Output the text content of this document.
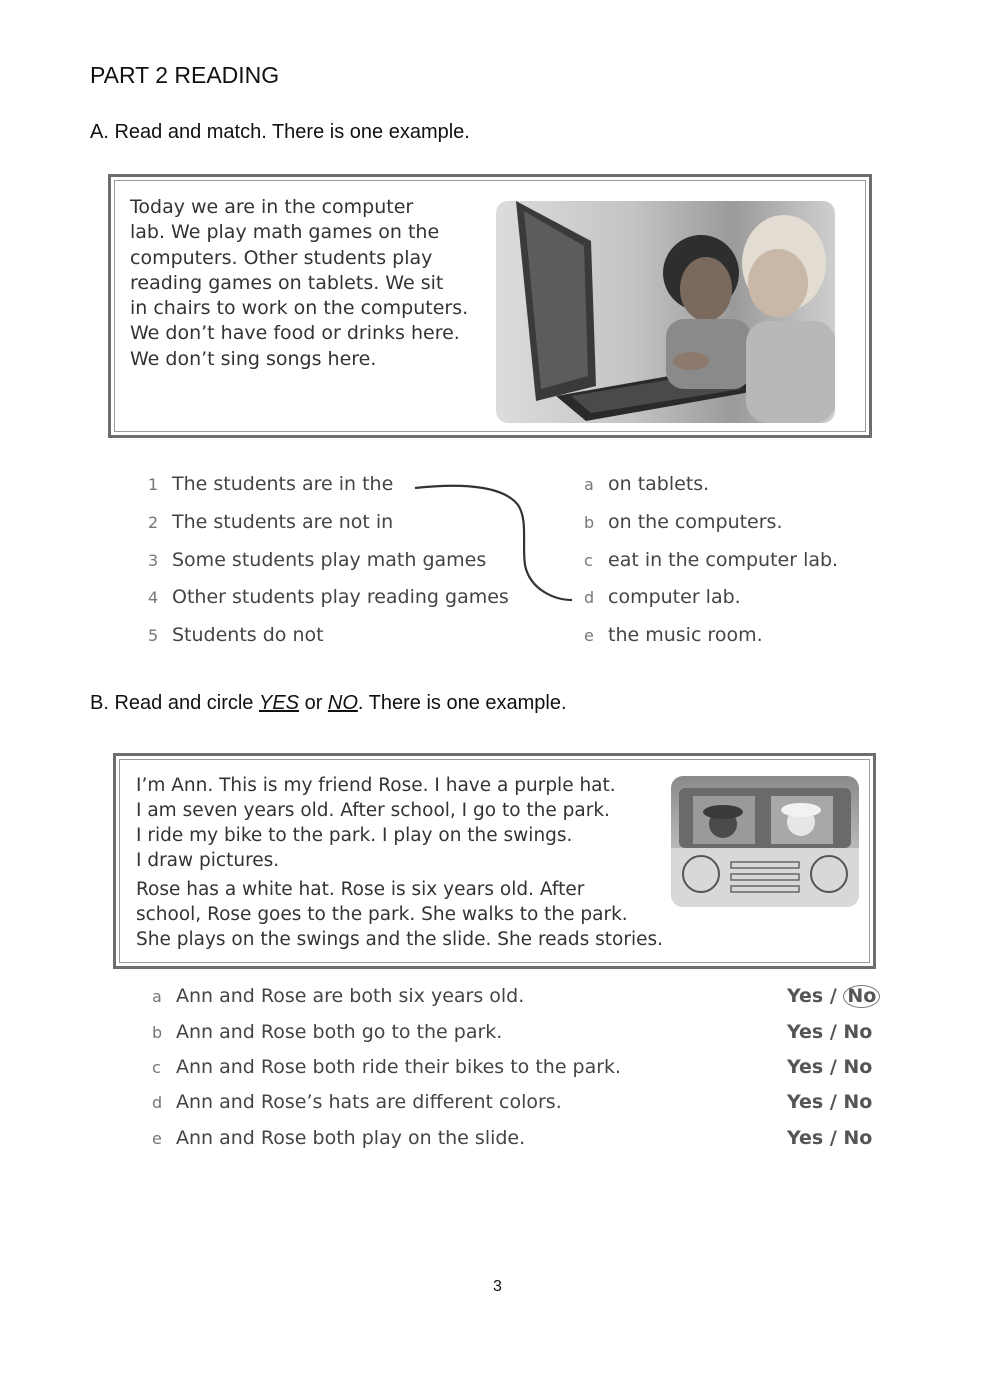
PART 2 READING
A. Read and match. There is one example.
Today we are in the computer
lab. We play math games on the
computers. Other students play
reading games on tablets. We sit
in chairs to work on the computers.
We don’t have food or drinks here.
We don’t sing songs here.
1 The students are in the
2 The students are not in
3 Some students play math games
4 Other students play reading games
5 Students do not
a on tablets.
b on the computers.
c eat in the computer lab.
d computer lab.
e the music room.
B. Read and circle YES or NO. There is one example.
I’m Ann. This is my friend Rose. I have a purple hat.
I am seven years old. After school, I go to the park.
I ride my bike to the park. I play on the swings.
I draw pictures.
Rose has a white hat. Rose is six years old. After
school, Rose goes to the park. She walks to the park.
She plays on the swings and the slide. She reads stories.
a Ann and Rose are both six years old.	Yes / No
b Ann and Rose both go to the park.	Yes / No
c Ann and Rose both ride their bikes to the park.	Yes / No
d Ann and Rose’s hats are different colors.	Yes / No
e Ann and Rose both play on the slide.	Yes / No
3
